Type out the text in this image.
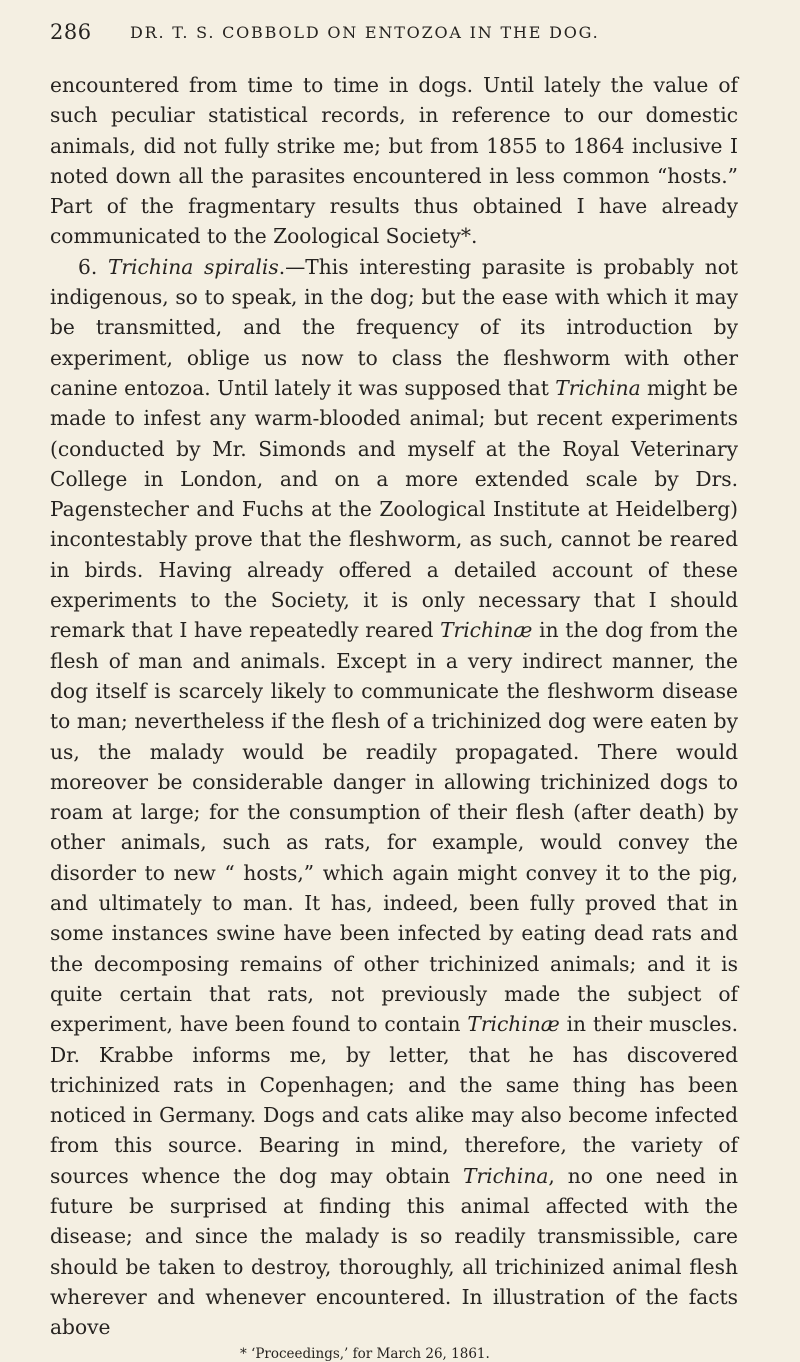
286 DR. T. S. COBBOLD ON ENTOZOA IN THE DOG.

encountered from time to time in dogs. Until lately the value of such peculiar statistical records, in reference to our domestic animals, did not fully strike me; but from 1855 to 1864 inclusive I noted down all the parasites encountered in less common “hosts.” Part of the fragmentary results thus obtained I have already communicated to the Zoological Society*.

6. Trichina spiralis.—This interesting parasite is probably not indigenous, so to speak, in the dog; but the ease with which it may be transmitted, and the frequency of its introduction by experiment, oblige us now to class the fleshworm with other canine entozoa. Until lately it was supposed that Trichina might be made to infest any warm-blooded animal; but recent experiments (conducted by Mr. Simonds and myself at the Royal Veterinary College in London, and on a more extended scale by Drs. Pagenstecher and Fuchs at the Zoological Institute at Heidelberg) incontestably prove that the fleshworm, as such, cannot be reared in birds. Having already offered a detailed account of these experiments to the Society, it is only necessary that I should remark that I have repeatedly reared Trichinæ in the dog from the flesh of man and animals. Except in a very indirect manner, the dog itself is scarcely likely to communicate the fleshworm disease to man; nevertheless if the flesh of a trichinized dog were eaten by us, the malady would be readily propagated. There would moreover be considerable danger in allowing trichinized dogs to roam at large; for the consumption of their flesh (after death) by other animals, such as rats, for example, would convey the disorder to new “ hosts,” which again might convey it to the pig, and ultimately to man. It has, indeed, been fully proved that in some instances swine have been infected by eating dead rats and the decomposing remains of other trichinized animals; and it is quite certain that rats, not previously made the subject of experiment, have been found to contain Trichinæ in their muscles. Dr. Krabbe informs me, by letter, that he has discovered trichinized rats in Copenhagen; and the same thing has been noticed in Germany. Dogs and cats alike may also become infected from this source. Bearing in mind, therefore, the variety of sources whence the dog may obtain Trichina, no one need in future be surprised at finding this animal affected with the disease; and since the malady is so readily transmissible, care should be taken to destroy, thoroughly, all trichinized animal flesh wherever and whenever encountered. In illustration of the facts above

* ‘Proceedings,’ for March 26, 1861.
